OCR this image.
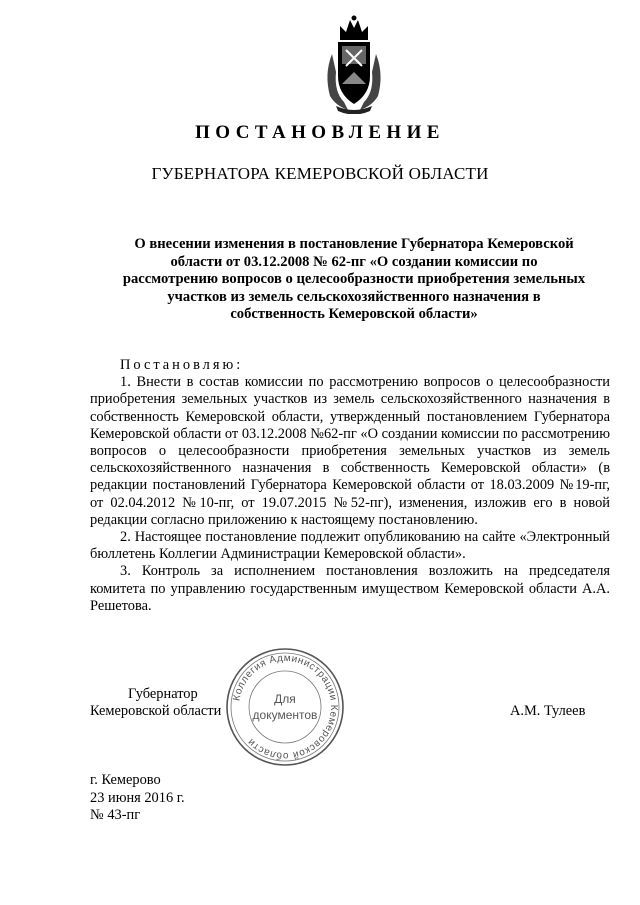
ПОСТАНОВЛЕНИЕ
ГУБЕРНАТОРА КЕМЕРОВСКОЙ ОБЛАСТИ
О внесении изменения в постановление Губернатора Кемеровской
области от 03.12.2008 № 62-пг «О создании комиссии по
рассмотрению вопросов о целесообразности приобретения земельных
участков из земель сельскохозяйственного назначения в
собственность Кемеровской области»
Постановляю:

1. Внести в состав комиссии по рассмотрению вопросов о целесообразности приобретения земельных участков из земель сельскохозяйственного назначения в собственность Кемеровской области, утвержденный постановлением Губернатора Кемеровской области от 03.12.2008 №62-пг «О создании комиссии по рассмотрению вопросов о целесообразности приобретения земельных участков из земель сельскохозяйственного назначения в собственность Кемеровской области» (в редакции постановлений Губернатора Кемеровской области от 18.03.2009 №19-пг, от 02.04.2012 №10-пг, от 19.07.2015 №52-пг), изменения, изложив его в новой редакции согласно приложению к настоящему постановлению.

2. Настоящее постановление подлежит опубликованию на сайте «Электронный бюллетень Коллегии Администрации Кемеровской области».

3. Контроль за исполнением постановления возложить на председателя комитета по управлению государственным имуществом Кемеровской области А.А. Решетова.

Губернатор
Кемеровской области
Коллегия Администрации Кемеровской области
Для
документов	А.М. Тулеев
г. Кемерово
23 июня 2016 г.
№ 43-пг
